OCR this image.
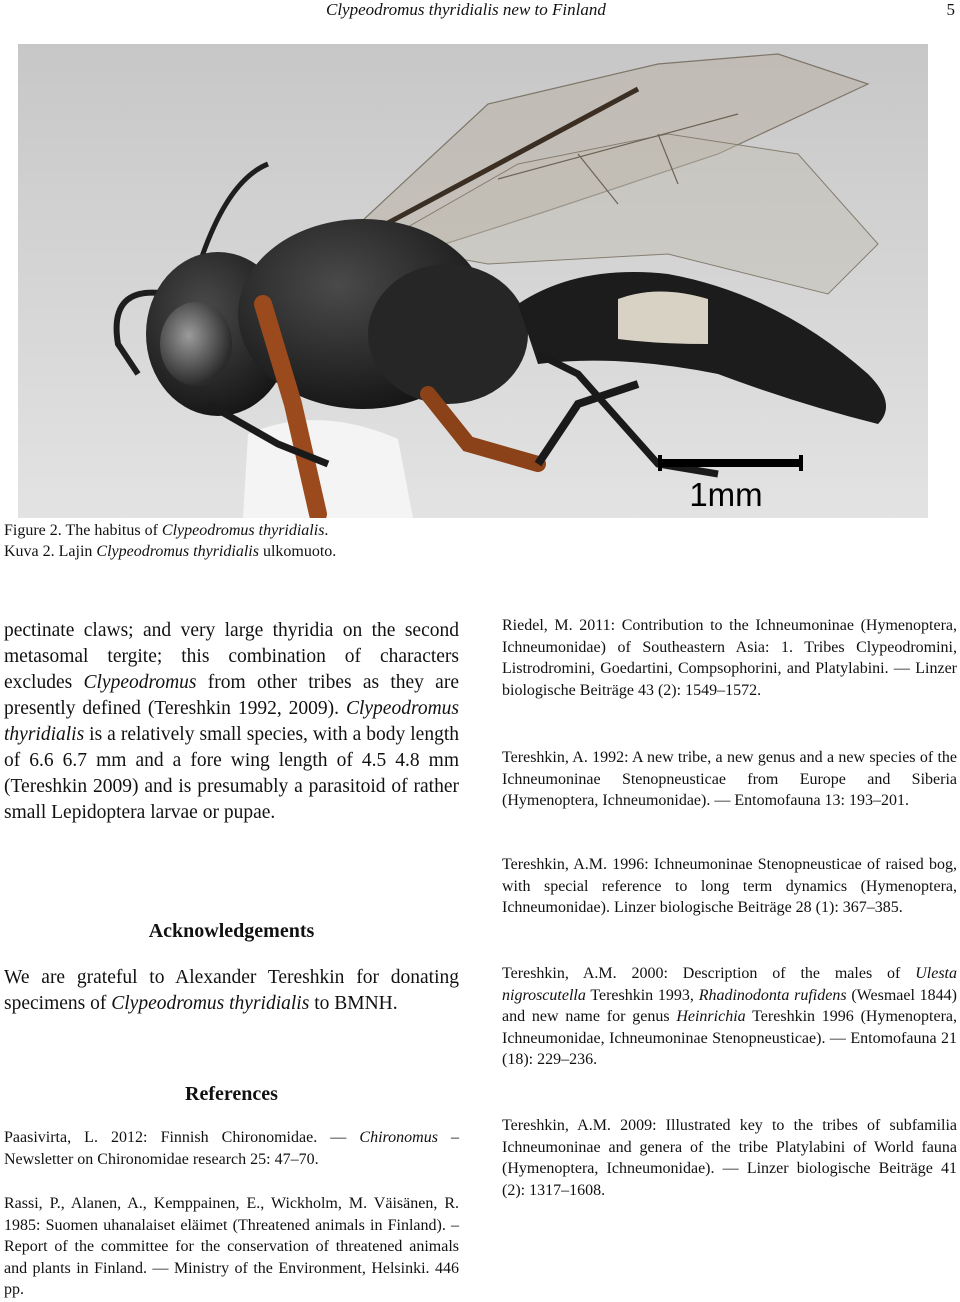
Clypeodromus thyridialis new to Finland	5
1mm
Figure 2. The habitus of Clypeodromus thyridialis.
Kuva 2. Lajin Clypeodromus thyridialis ulkomuoto.
pectinate claws; and very large thyridia on the second metasomal tergite; this combination of characters excludes Clypeodromus from other tribes as they are presently defined (Tereshkin 1992, 2009). Clypeodromus thyridialis is a relatively small species, with a body length of 6.6 6.7 mm and a fore wing length of 4.5 4.8 mm (Tereshkin 2009) and is presumably a parasitoid of rather small Lepidoptera larvae or pupae.
Acknowledgements
We are grateful to Alexander Tereshkin for donating specimens of Clypeodromus thyridialis to BMNH.
References
Paasivirta, L. 2012: Finnish Chironomidae. — Chironomus – Newsletter on Chironomidae research 25: 47–70.
Rassi, P., Alanen, A., Kemppainen, E., Wickholm, M. Väisänen, R. 1985: Suomen uhanalaiset eläimet (Threatened animals in Finland). – Report of the committee for the conservation of threatened animals and plants in Finland. — Ministry of the Environment, Helsinki. 446 pp.
Riedel, M. 2011: Contribution to the Ichneumoninae (Hymenoptera, Ichneumonidae) of Southeastern Asia: 1. Tribes Clypeodromini, Listrodromini, Goedartini, Compsophorini, and Platylabini. — Linzer biologische Beiträge 43 (2): 1549–1572.
Tereshkin, A. 1992: A new tribe, a new genus and a new species of the Ichneumoninae Stenopneusticae from Europe and Siberia (Hymenoptera, Ichneumonidae). — Entomofauna 13: 193–201.
Tereshkin, A.M. 1996: Ichneumoninae Stenopneusticae of raised bog, with special reference to long term dynamics (Hymenoptera, Ichneumonidae). Linzer biologische Beiträge 28 (1): 367–385.
Tereshkin, A.M. 2000: Description of the males of Ulesta nigroscutella Tereshkin 1993, Rhadinodonta rufidens (Wesmael 1844) and new name for genus Heinrichia Tereshkin 1996 (Hymenoptera, Ichneumonidae, Ichneumoninae Stenopneusticae). — Entomofauna 21 (18): 229–236.
Tereshkin, A.M. 2009: Illustrated key to the tribes of subfamilia Ichneumoninae and genera of the tribe Platylabini of World fauna (Hymenoptera, Ichneumonidae). — Linzer biologische Beiträge 41 (2): 1317–1608.
